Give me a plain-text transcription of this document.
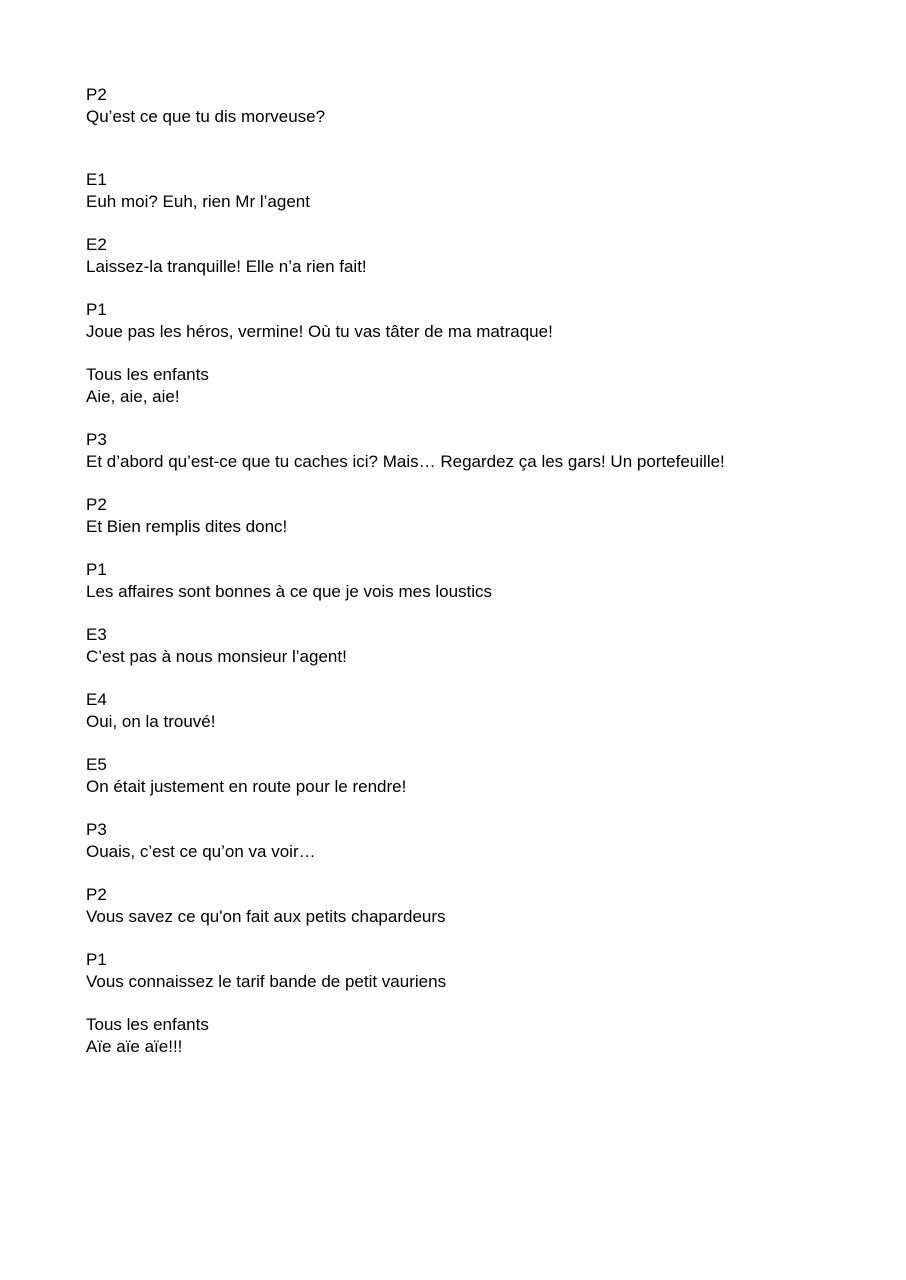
P2
Qu’est ce que tu dis morveuse?
E1
Euh moi? Euh, rien Mr l’agent
E2
Laissez-la tranquille! Elle n’a rien fait!
P1
Joue pas les héros, vermine! Où tu vas tâter de ma matraque!
Tous les enfants
Aie, aie, aie!
P3
Et d’abord qu’est-ce que tu caches ici? Mais… Regardez ça les gars! Un portefeuille!
P2
Et Bien remplis dites donc!
P1
Les affaires sont bonnes à ce que je vois mes loustics
E3
C’est pas à nous monsieur l’agent!
E4
Oui, on la trouvé!
E5
On était justement en route pour le rendre!
P3
Ouais, c’est ce qu’on va voir…
P2
Vous savez ce qu'on fait aux petits chapardeurs
P1
Vous connaissez le tarif bande de petit vauriens
Tous les enfants
Aïe aïe aïe!!!
